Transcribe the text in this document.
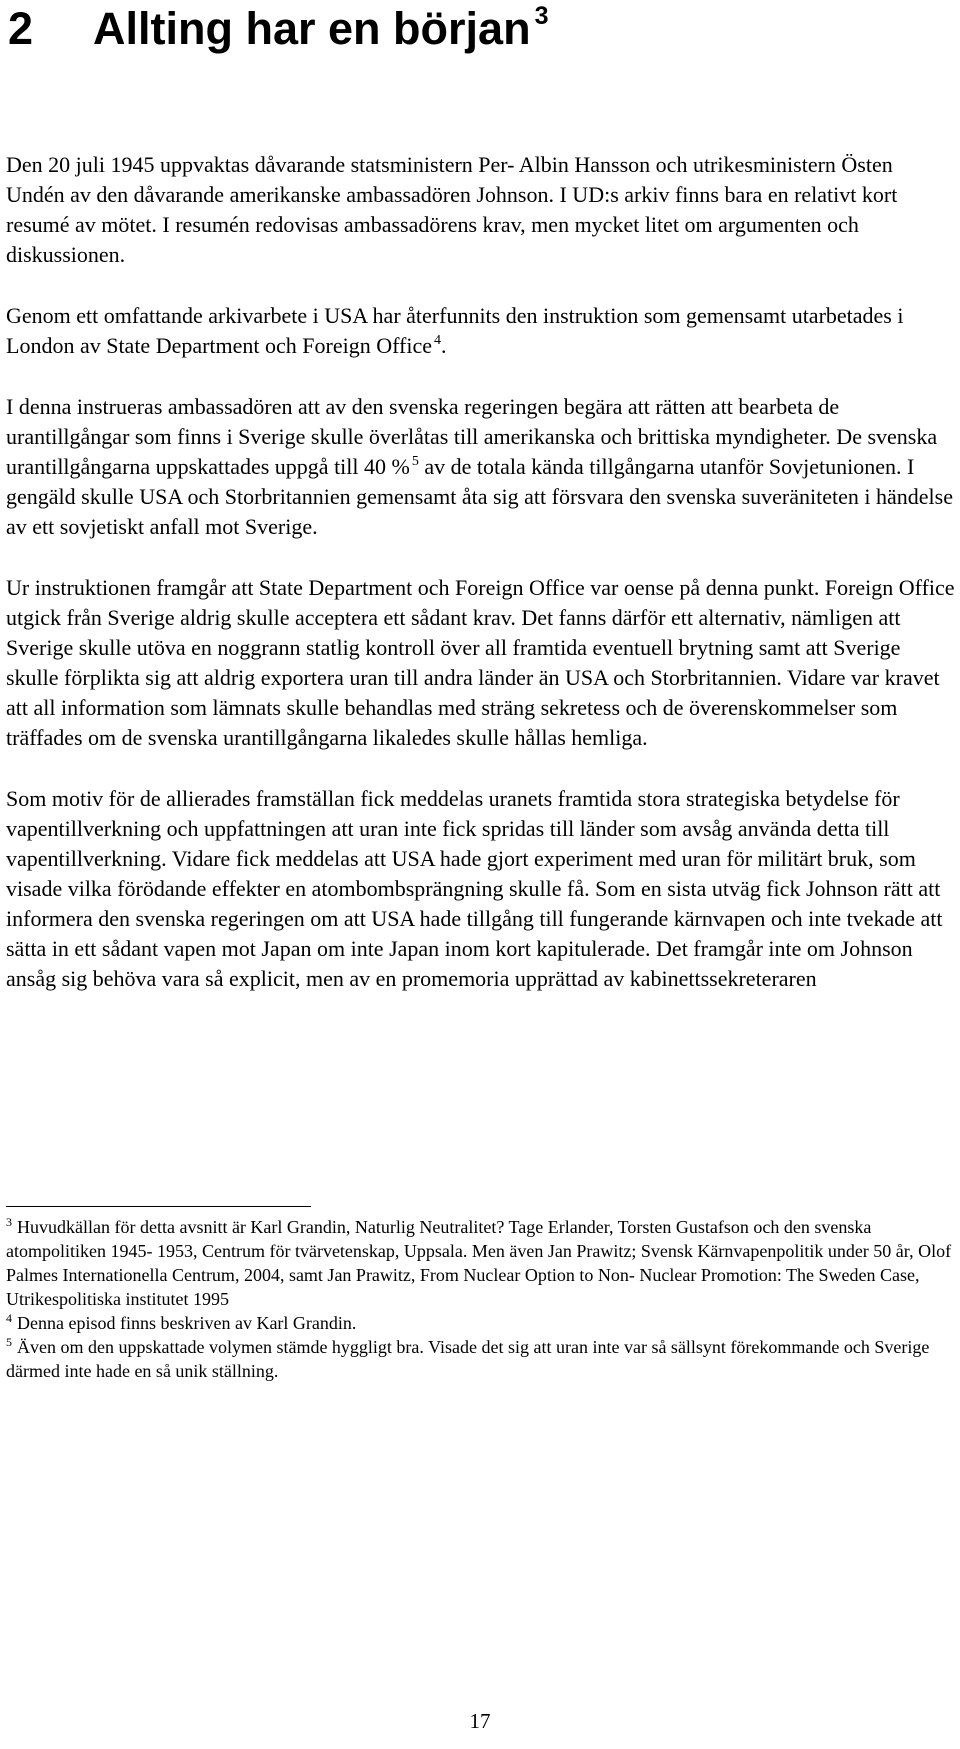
2 Allting har en början $^3$

Den 20 juli 1945 uppvaktas dåvarande statsministern Per- Albin Hansson och utrikesministern Östen Undén av den dåvarande amerikanske ambassadören Johnson. I UD:s arkiv finns bara en relativt kort resumé av mötet. I resumén redovisas ambassadörens krav, men mycket litet om argumenten och diskussionen.

Genom ett omfattande arkivarbete i USA har återfunnits den instruktion som gemensamt utarbetades i London av State Department och Foreign Office $^4$.

I denna instrueras ambassadören att av den svenska regeringen begära att rätten att bearbeta de urantillgångar som finns i Sverige skulle överlåtas till amerikanska och brittiska myndigheter. De svenska urantillgångarna uppskattades uppgå till 40 % $^5$ av de totala kända tillgångarna utanför Sovjetunionen. I gengäld skulle USA och Storbritannien gemensamt åta sig att försvara den svenska suveräniteten i händelse av ett sovjetiskt anfall mot Sverige.

Ur instruktionen framgår att State Department och Foreign Office var oense på denna punkt. Foreign Office utgick från Sverige aldrig skulle acceptera ett sådant krav. Det fanns därför ett alternativ, nämligen att Sverige skulle utöva en noggrann statlig kontroll över all framtida eventuell brytning samt att Sverige skulle förplikta sig att aldrig exportera uran till andra länder än USA och Storbritannien. Vidare var kravet att all information som lämnats skulle behandlas med sträng sekretess och de överenskommelser som träffades om de svenska urantillgångarna likaledes skulle hållas hemliga.

Som motiv för de allierades framställan fick meddelas uranets framtida stora strategiska betydelse för vapentillverkning och uppfattningen att uran inte fick spridas till länder som avsåg använda detta till vapentillverkning. Vidare fick meddelas att USA hade gjort experiment med uran för militärt bruk, som visade vilka förödande effekter en atombombsprängning skulle få. Som en sista utväg fick Johnson rätt att informera den svenska regeringen om att USA hade tillgång till fungerande kärnvapen och inte tvekade att sätta in ett sådant vapen mot Japan om inte Japan inom kort kapitulerade. Det framgår inte om Johnson ansåg sig behöva vara så explicit, men av en promemoria upprättad av kabinettssekreteraren

$^3$ Huvudkällan för detta avsnitt är Karl Grandin, Naturlig Neutralitet? Tage Erlander, Torsten Gustafson och den svenska atompolitiken 1945- 1953, Centrum för tvärvetenskap, Uppsala. Men även Jan Prawitz; Svensk Kärnvapenpolitik under 50 år, Olof Palmes Internationella Centrum, 2004, samt Jan Prawitz, From Nuclear Option to Non- Nuclear Promotion: The Sweden Case, Utrikespolitiska institutet 1995

$^4$ Denna episod finns beskriven av Karl Grandin.

$^5$ Även om den uppskattade volymen stämde hyggligt bra. Visade det sig att uran inte var så sällsynt förekommande och Sverige därmed inte hade en så unik ställning.

17
